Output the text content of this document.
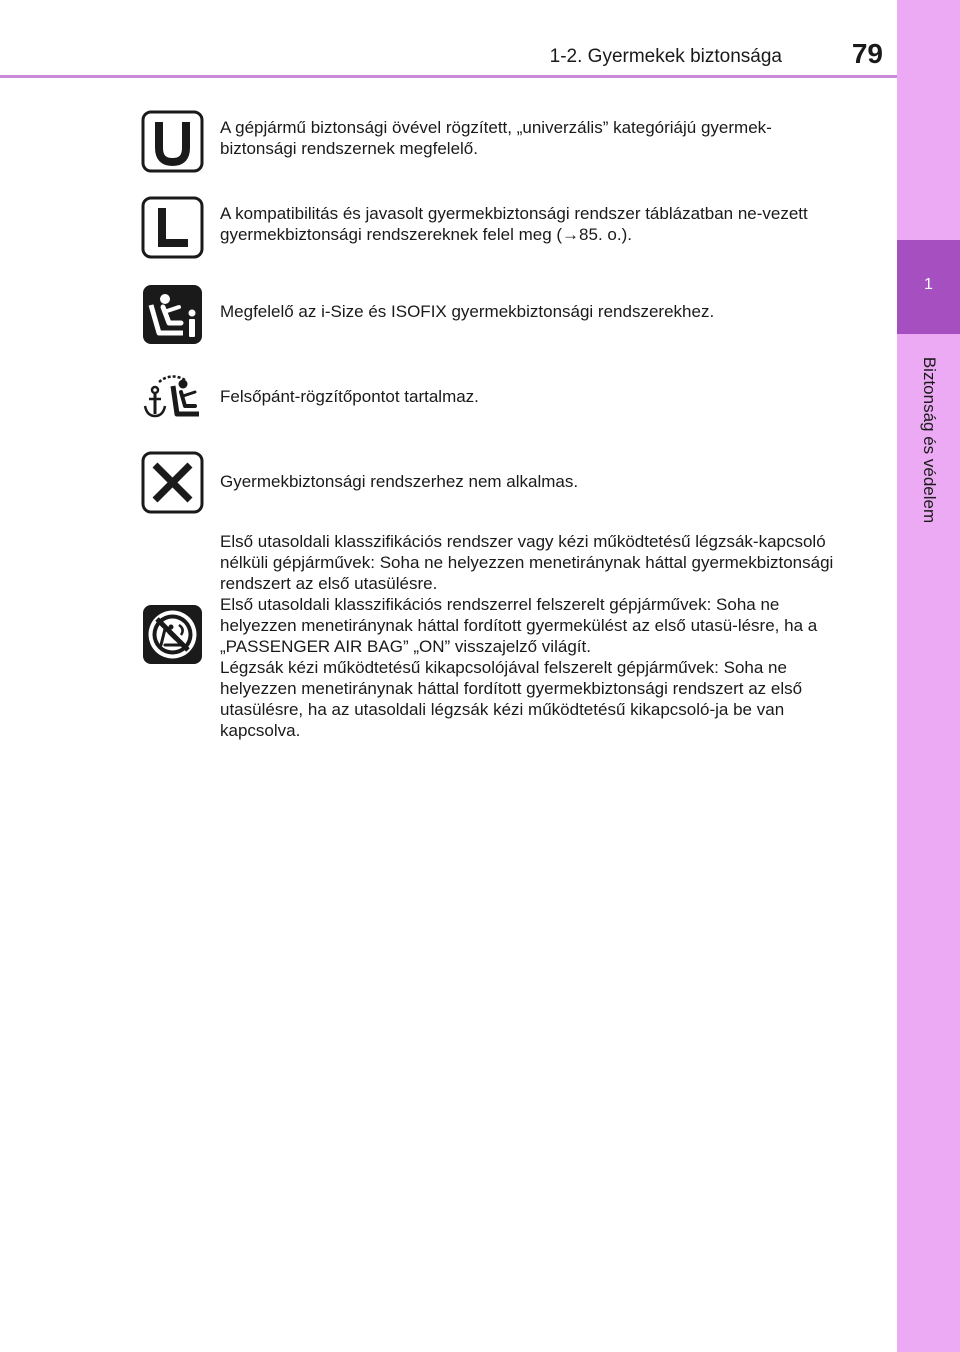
1-2. Gyermekek biztonsága 79
1
Biztonság és védelem
A gépjármű biztonsági övével rögzített, „univerzális” kategóriájú gyermek-biztonsági rendszernek megfelelő.
A kompatibilitás és javasolt gyermekbiztonsági rendszer táblázatban ne-vezett gyermekbiztonsági rendszereknek felel meg (→85. o.).
Megfelelő az i-Size és ISOFIX gyermekbiztonsági rendszerekhez.
Felsőpánt-rögzítőpontot tartalmaz.
Gyermekbiztonsági rendszerhez nem alkalmas.

Első utasoldali klasszifikációs rendszer vagy kézi működtetésű légzsák-kapcsoló nélküli gépjárművek: Soha ne helyezzen menetiránynak háttal gyermekbiztonsági rendszert az első utasülésre.

Első utasoldali klasszifikációs rendszerrel felszerelt gépjárművek: Soha ne helyezzen menetiránynak háttal fordított gyermekülést az első utasü-lésre, ha a „PASSENGER AIR BAG” „ON” visszajelző világít.

Légzsák kézi működtetésű kikapcsolójával felszerelt gépjárművek: Soha ne helyezzen menetiránynak háttal fordított gyermekbiztonsági rendszert az első utasülésre, ha az utasoldali légzsák kézi működtetésű kikapcsoló-ja be van kapcsolva.
